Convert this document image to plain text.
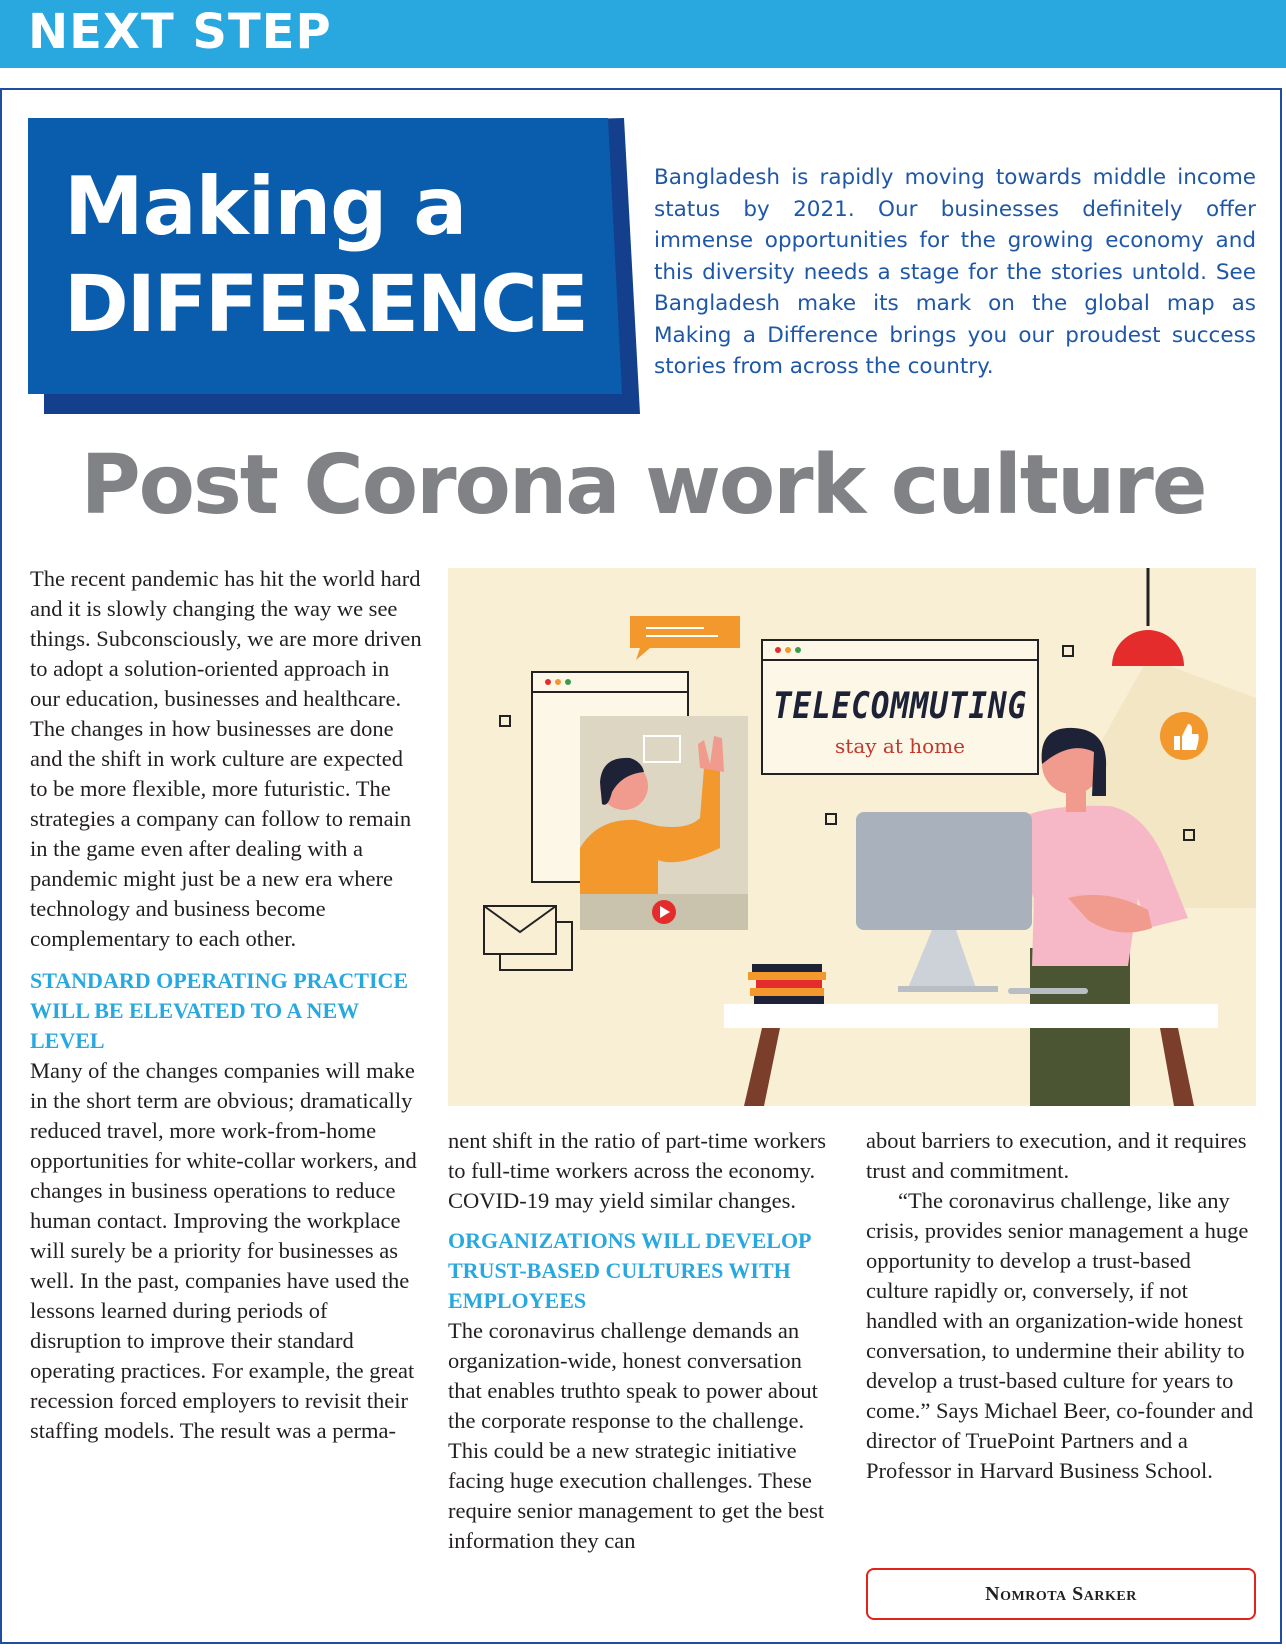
NEXT STEP
Making a
DIFFERENCE

Bangladesh is rapidly moving towards middle income status by 2021. Our businesses definitely offer immense opportunities for the growing economy and this diversity needs a stage for the stories untold. See Bangladesh make its mark on the global map as Making a Difference brings you our proudest success stories from across the country.

Post Corona work culture
TELECOMMUTING
stay at home

The recent pandemic has hit the world hard and it is slowly changing the way we see things. Subconsciously, we are more driven to adopt a solution-oriented approach in our education, businesses and healthcare. The changes in how businesses are done and the shift in work culture are expected to be more flexible, more futuristic. The strategies a company can follow to remain in the game even after dealing with a pandemic might just be a new era where technology and business become complementary to each other.

STANDARD OPERATING PRACTICE WILL BE ELEVATED TO A NEW LEVEL

Many of the changes companies will make in the short term are obvious; dramatically reduced travel, more work-from-home opportunities for white-collar workers, and changes in business operations to reduce human contact. Improving the workplace will surely be a priority for businesses as well. In the past, companies have used the lessons learned during periods of disruption to improve their standard operating practices. For example, the great recession forced employers to revisit their staffing models. The result was a perma-

nent shift in the ratio of part-time workers to full-time workers across the economy. COVID-19 may yield similar changes.

ORGANIZATIONS WILL DEVELOP TRUST-BASED CULTURES WITH EMPLOYEES

The coronavirus challenge demands an organization-wide, honest conversation that enables truthto speak to power about the corporate response to the challenge. This could be a new strategic initiative facing huge execution challenges. These require senior management to get the best information they can

about barriers to execution, and it requires trust and commitment.

“The coronavirus challenge, like any crisis, provides senior management a huge opportunity to develop a trust-based culture rapidly or, conversely, if not handled with an organization-wide honest conversation, to undermine their ability to develop a trust-based culture for years to come.” Says Michael Beer, co-founder and director of TruePoint Partners and a Professor in Harvard Business School.

Nomrota Sarker
